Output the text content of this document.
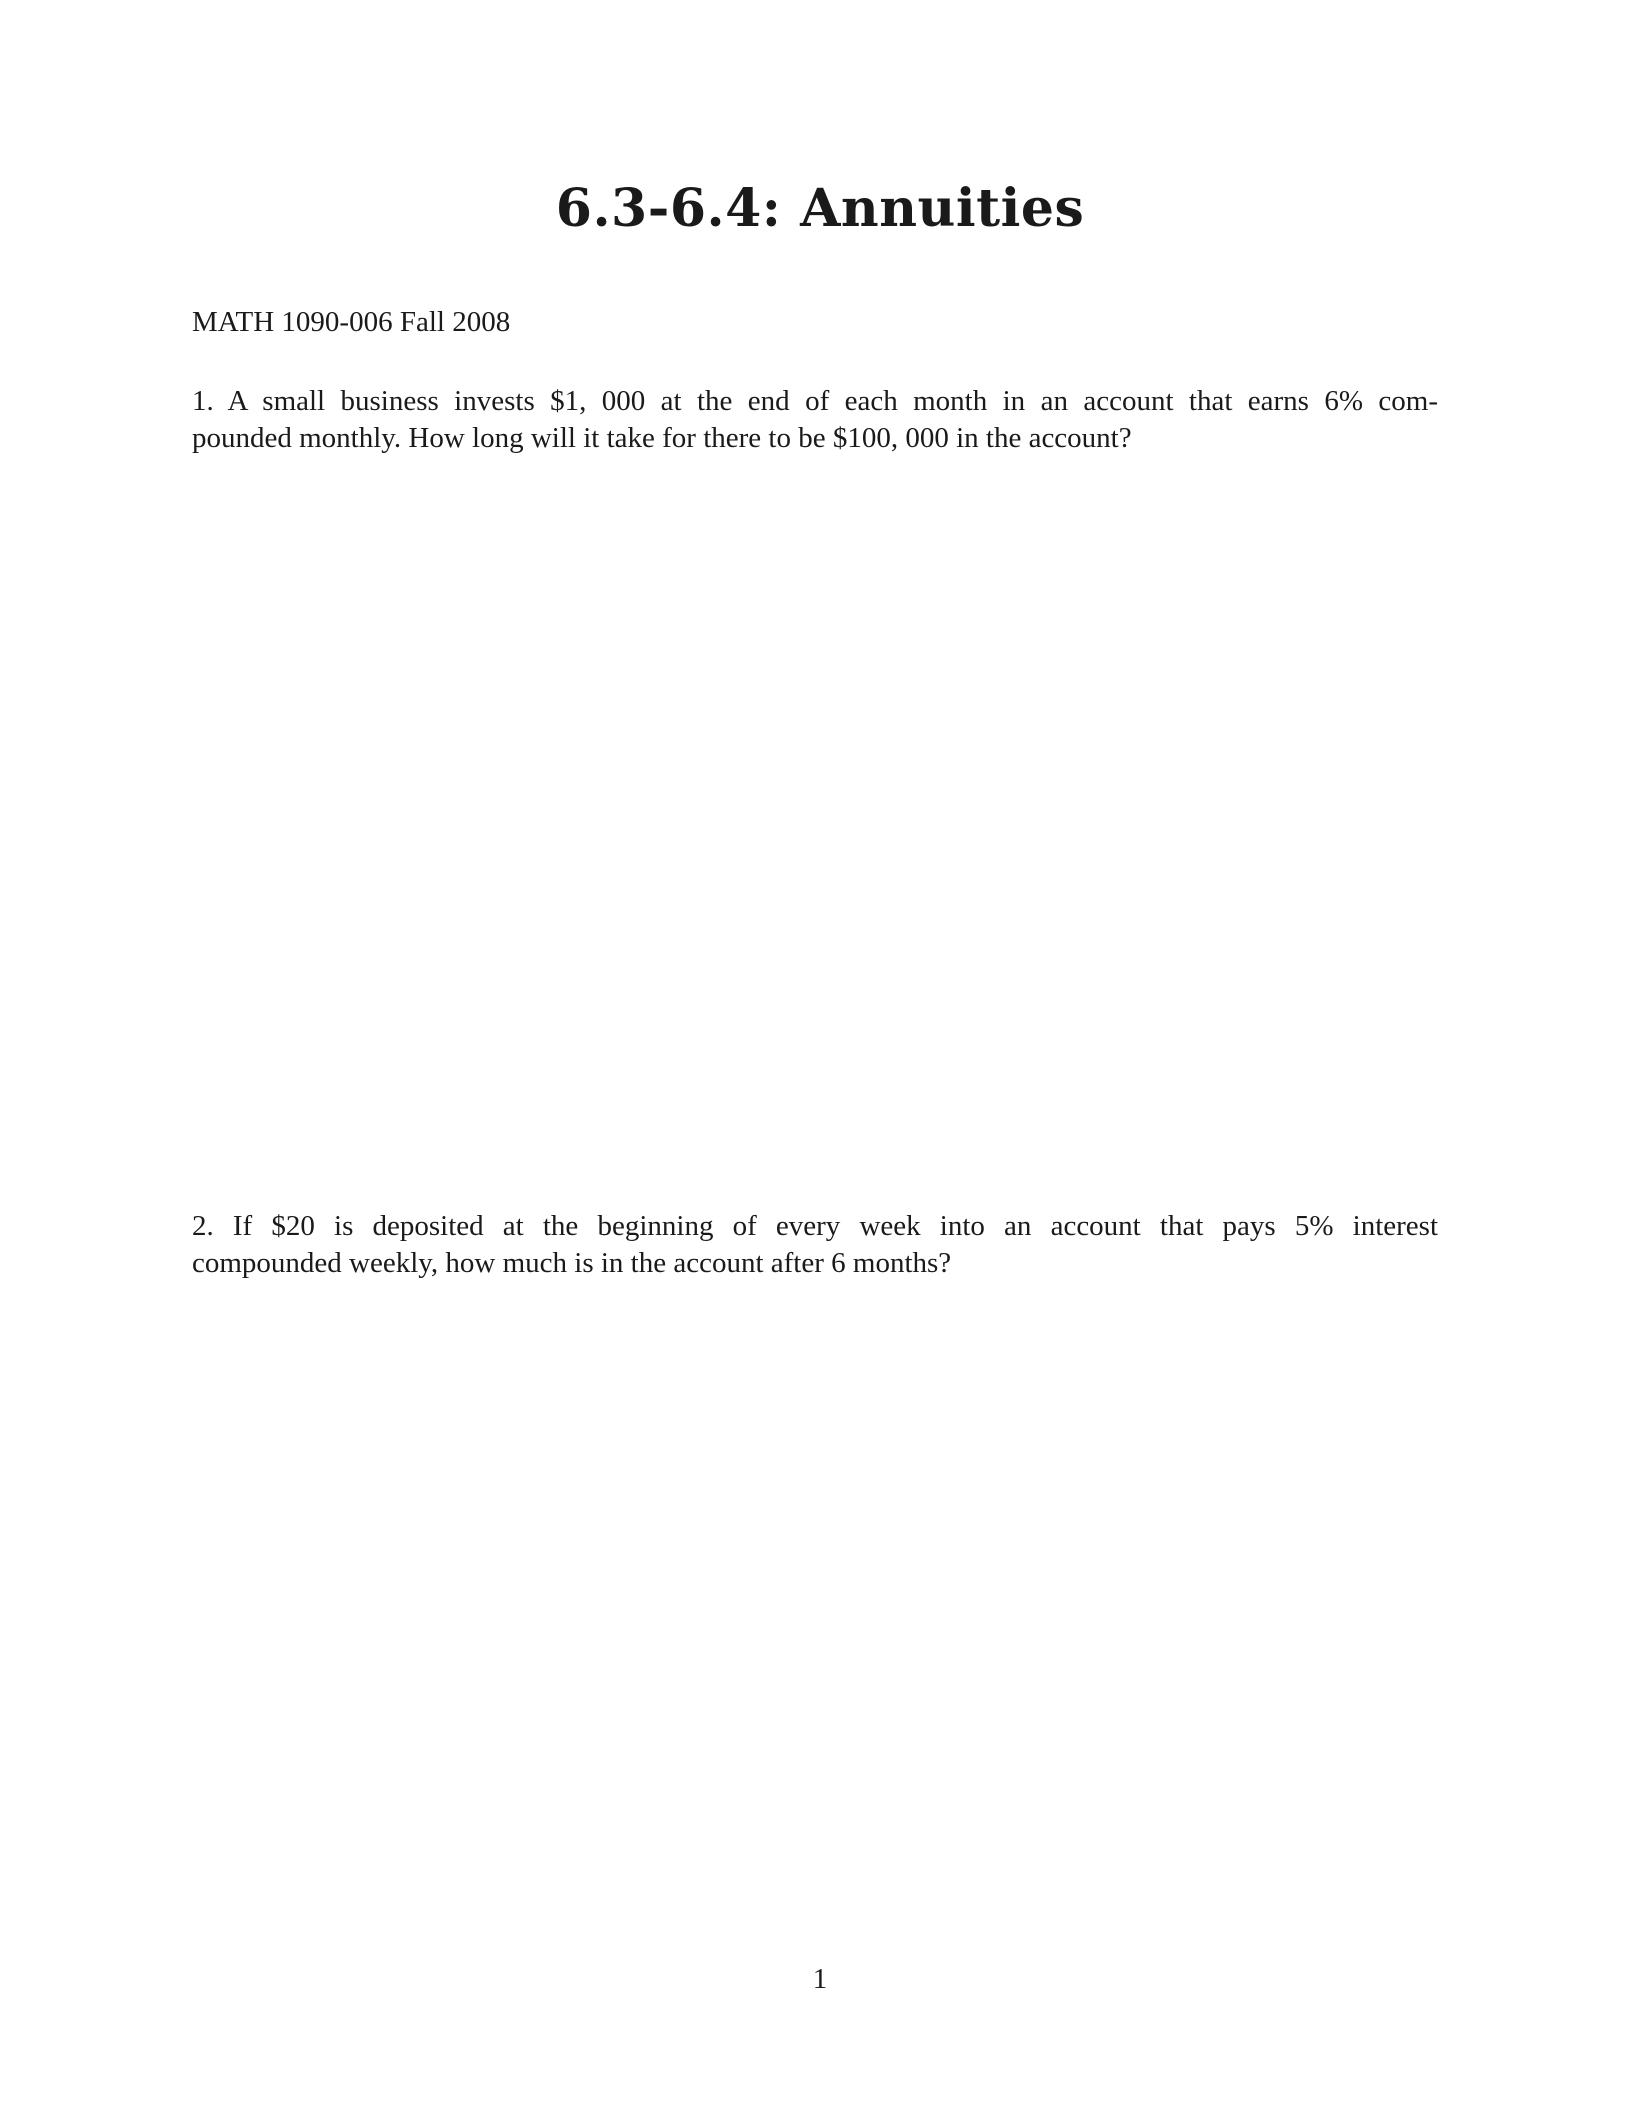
6.3-6.4: Annuities

MATH 1090-006 Fall 2008

1. A small business invests $1, 000 at the end of each month in an account that earns 6% com-
pounded monthly. How long will it take for there to be $100, 000 in the account?
2. If $20 is deposited at the beginning of every week into an account that pays 5% interest
compounded weekly, how much is in the account after 6 months?
1
